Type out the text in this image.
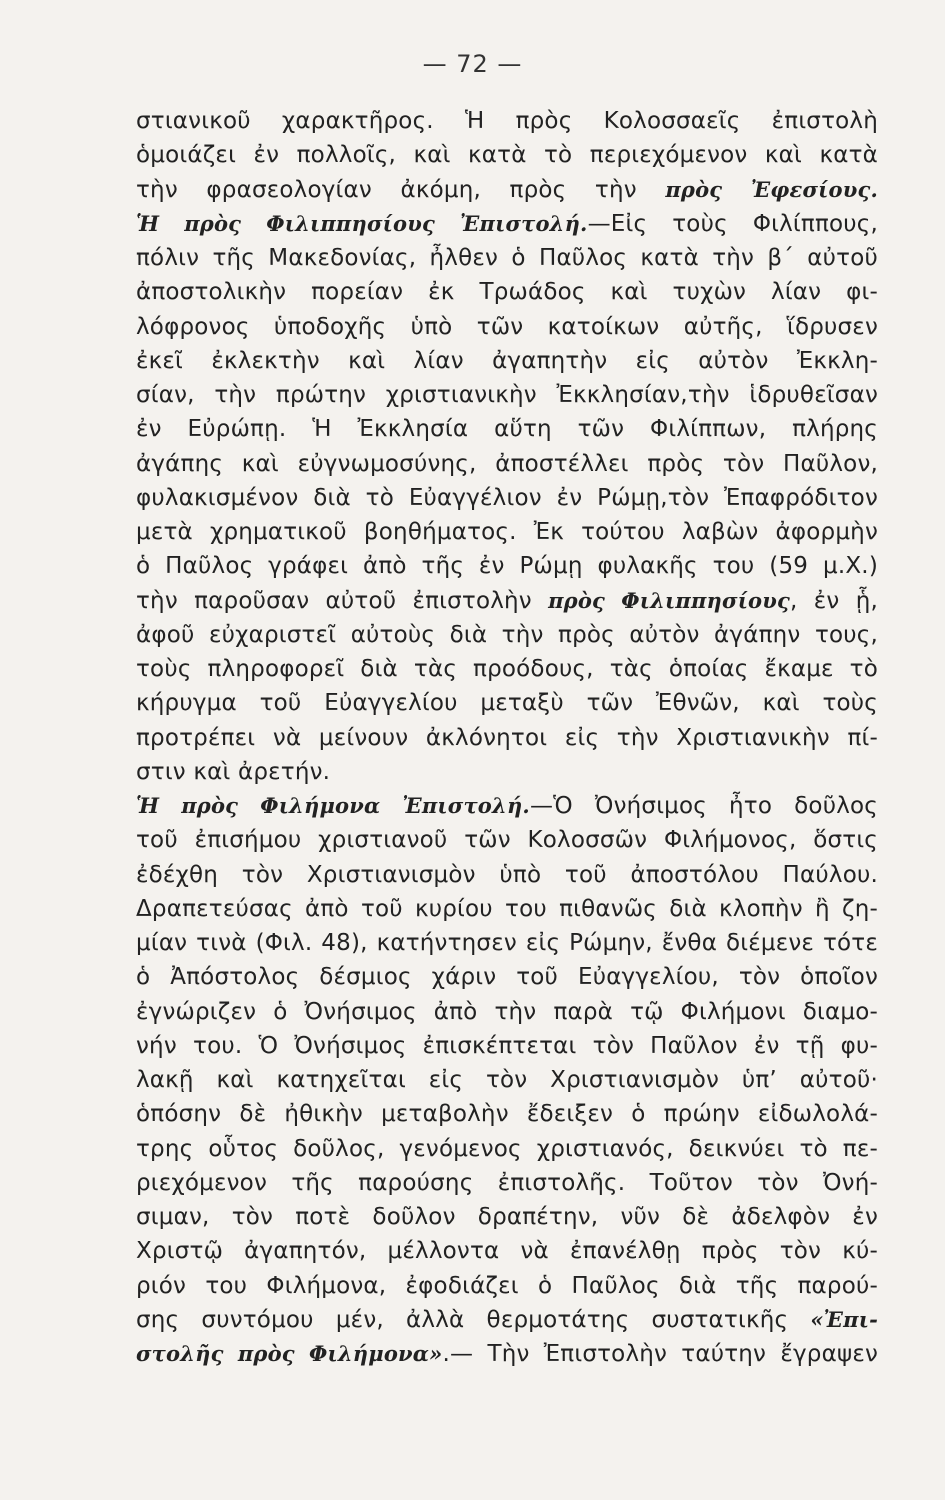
— 72 —
στιανικοῦ χαρακτῆρος. Ἡ πρὸς Κολοσσαεῖς ἐπιστολὴ
ὁμοιάζει ἐν πολλοῖς, καὶ κατὰ τὸ περιεχόμενον καὶ κατὰ
τὴν φρασεολογίαν ἀκόμη, πρὸς τὴν πρὸς Ἐφεσίους.
Ἡ πρὸς Φιλιππησίους Ἐπιστολή.—Εἰς τοὺς Φιλίππους,
πόλιν τῆς Μακεδονίας, ἦλθεν ὁ Παῦλος κατὰ τὴν β´ αὐτοῦ
ἀποστολικὴν πορείαν ἐκ Τρωάδος καὶ τυχὼν λίαν φι-
λόφρονος ὑποδοχῆς ὑπὸ τῶν κατοίκων αὐτῆς, ἵδρυσεν
ἐκεῖ ἐκλεκτὴν καὶ λίαν ἀγαπητὴν εἰς αὐτὸν Ἐκκλη-
σίαν, τὴν πρώτην χριστιανικὴν Ἐκκλησίαν,τὴν ἱδρυθεῖσαν
ἐν Εὐρώπῃ. Ἡ Ἐκκλησία αὕτη τῶν Φιλίππων, πλήρης
ἀγάπης καὶ εὐγνωμοσύνης, ἀποστέλλει πρὸς τὸν Παῦλον,
φυλακισμένον διὰ τὸ Εὐαγγέλιον ἐν Ρώμῃ,τὸν Ἐπαφρόδιτον
μετὰ χρηματικοῦ βοηθήματος. Ἐκ τούτου λαβὼν ἀφορμὴν
ὁ Παῦλος γράφει ἀπὸ τῆς ἐν Ρώμῃ φυλακῆς του (59 μ.Χ.)
τὴν παροῦσαν αὐτοῦ ἐπιστολὴν πρὸς Φιλιππησίους, ἐν ᾗ,
ἀφοῦ εὐχαριστεῖ αὐτοὺς διὰ τὴν πρὸς αὐτὸν ἀγάπην τους,
τοὺς πληροφορεῖ διὰ τὰς προόδους, τὰς ὁποίας ἔκαμε τὸ
κήρυγμα τοῦ Εὐαγγελίου μεταξὺ τῶν Ἐθνῶν, καὶ τοὺς
προτρέπει νὰ μείνουν ἀκλόνητοι εἰς τὴν Χριστιανικὴν πί-
στιν καὶ ἀρετήν.
Ἡ πρὸς Φιλήμονα Ἐπιστολή.—Ὁ Ὀνήσιμος ἦτο δοῦλος
τοῦ ἐπισήμου χριστιανοῦ τῶν Κολοσσῶν Φιλήμονος, ὅστις
ἐδέχθη τὸν Χριστιανισμὸν ὑπὸ τοῦ ἀποστόλου Παύλου.
Δραπετεύσας ἀπὸ τοῦ κυρίου του πιθανῶς διὰ κλοπὴν ἢ ζη-
μίαν τινὰ (Φιλ. 48), κατήντησεν εἰς Ρώμην, ἔνθα διέμενε τότε
ὁ Ἀπόστολος δέσμιος χάριν τοῦ Εὐαγγελίου, τὸν ὁποῖον
ἐγνώριζεν ὁ Ὀνήσιμος ἀπὸ τὴν παρὰ τῷ Φιλήμονι διαμο-
νήν του. Ὁ Ὀνήσιμος ἐπισκέπτεται τὸν Παῦλον ἐν τῇ φυ-
λακῇ καὶ κατηχεῖται εἰς τὸν Χριστιανισμὸν ὑπ’ αὐτοῦ·
ὁπόσην δὲ ἠθικὴν μεταβολὴν ἔδειξεν ὁ πρώην εἰδωλολά-
τρης οὗτος δοῦλος, γενόμενος χριστιανός, δεικνύει τὸ πε-
ριεχόμενον τῆς παρούσης ἐπιστολῆς. Τοῦτον τὸν Ὀνή-
σιμαν, τὸν ποτὲ δοῦλον δραπέτην, νῦν δὲ ἀδελφὸν ἐν
Χριστῷ ἀγαπητόν, μέλλοντα νὰ ἐπανέλθῃ πρὸς τὸν κύ-
ριόν του Φιλήμονα, ἐφοδιάζει ὁ Παῦλος διὰ τῆς παρού-
σης συντόμου μέν, ἀλλὰ θερμοτάτης συστατικῆς «Ἐπι-
στολῆς πρὸς Φιλήμονα».— Τὴν Ἐπιστολὴν ταύτην ἔγραψεν
